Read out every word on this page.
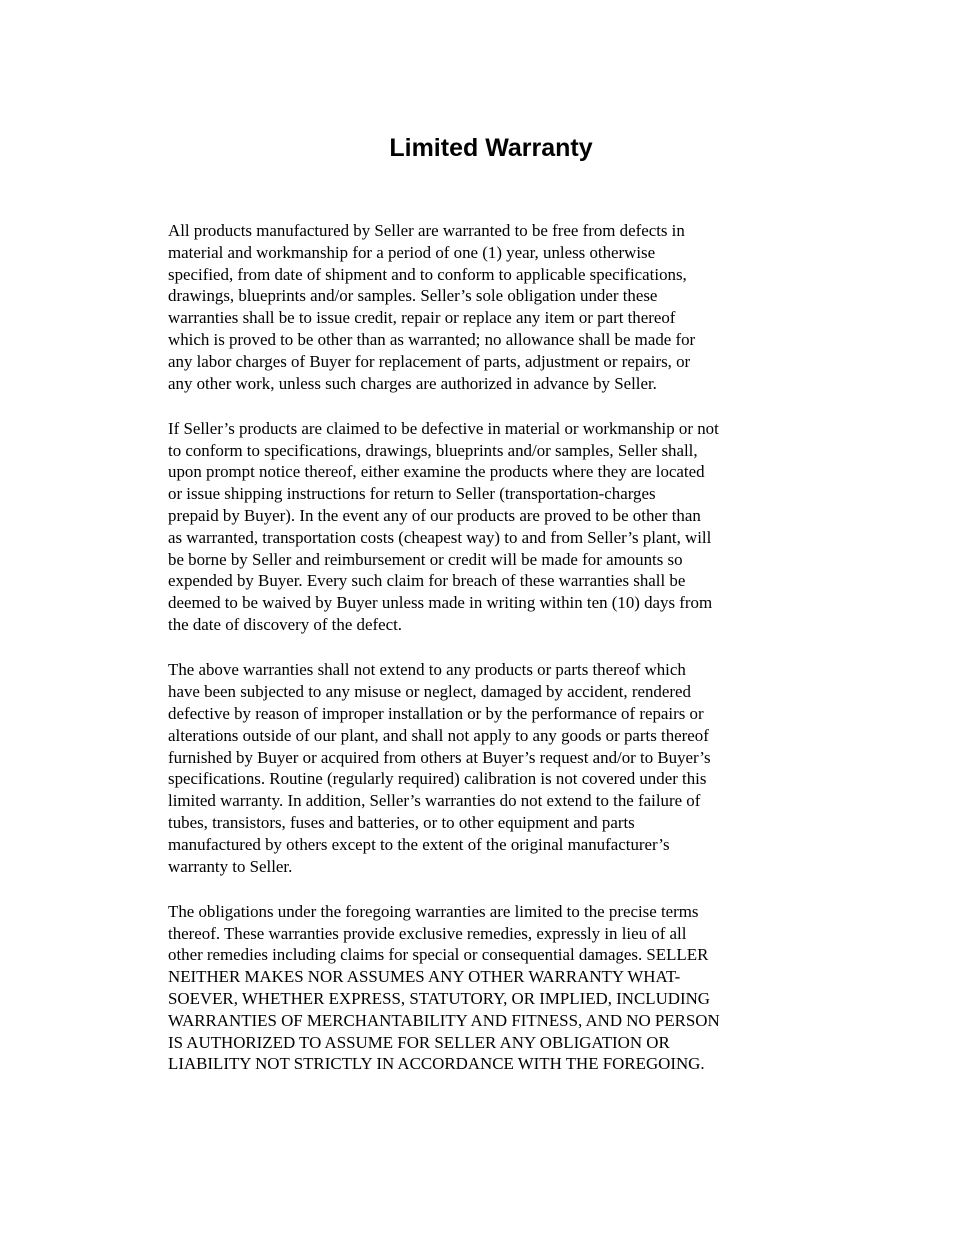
Limited Warranty

All products manufactured by Seller are warranted to be free from defects in
material and workmanship for a period of one (1) year, unless otherwise
specified, from date of shipment and to conform to applicable specifications,
drawings, blueprints and/or samples. Seller’s sole obligation under these
warranties shall be to issue credit, repair or replace any item or part thereof
which is proved to be other than as warranted; no allowance shall be made for
any labor charges of Buyer for replacement of parts, adjustment or repairs, or
any other work, unless such charges are authorized in advance by Seller.

If Seller’s products are claimed to be defective in material or workmanship or not
to conform to specifications, drawings, blueprints and/or samples, Seller shall,
upon prompt notice thereof, either examine the products where they are located
or issue shipping instructions for return to Seller (transportation-charges
prepaid by Buyer). In the event any of our products are proved to be other than
as warranted, transportation costs (cheapest way) to and from Seller’s plant, will
be borne by Seller and reimbursement or credit will be made for amounts so
expended by Buyer. Every such claim for breach of these warranties shall be
deemed to be waived by Buyer unless made in writing within ten (10) days from
the date of discovery of the defect.

The above warranties shall not extend to any products or parts thereof which
have been subjected to any misuse or neglect, damaged by accident, rendered
defective by reason of improper installation or by the performance of repairs or
alterations outside of our plant, and shall not apply to any goods or parts thereof
furnished by Buyer or acquired from others at Buyer’s request and/or to Buyer’s
specifications. Routine (regularly required) calibration is not covered under this
limited warranty. In addition, Seller’s warranties do not extend to the failure of
tubes, transistors, fuses and batteries, or to other equipment and parts
manufactured by others except to the extent of the original manufacturer’s
warranty to Seller.

The obligations under the foregoing warranties are limited to the precise terms
thereof. These warranties provide exclusive remedies, expressly in lieu of all
other remedies including claims for special or consequential damages. SELLER
NEITHER MAKES NOR ASSUMES ANY OTHER WARRANTY WHAT-
SOEVER, WHETHER EXPRESS, STATUTORY, OR IMPLIED, INCLUDING
WARRANTIES OF MERCHANTABILITY AND FITNESS, AND NO PERSON
IS AUTHORIZED TO ASSUME FOR SELLER ANY OBLIGATION OR
LIABILITY NOT STRICTLY IN ACCORDANCE WITH THE FOREGOING.
